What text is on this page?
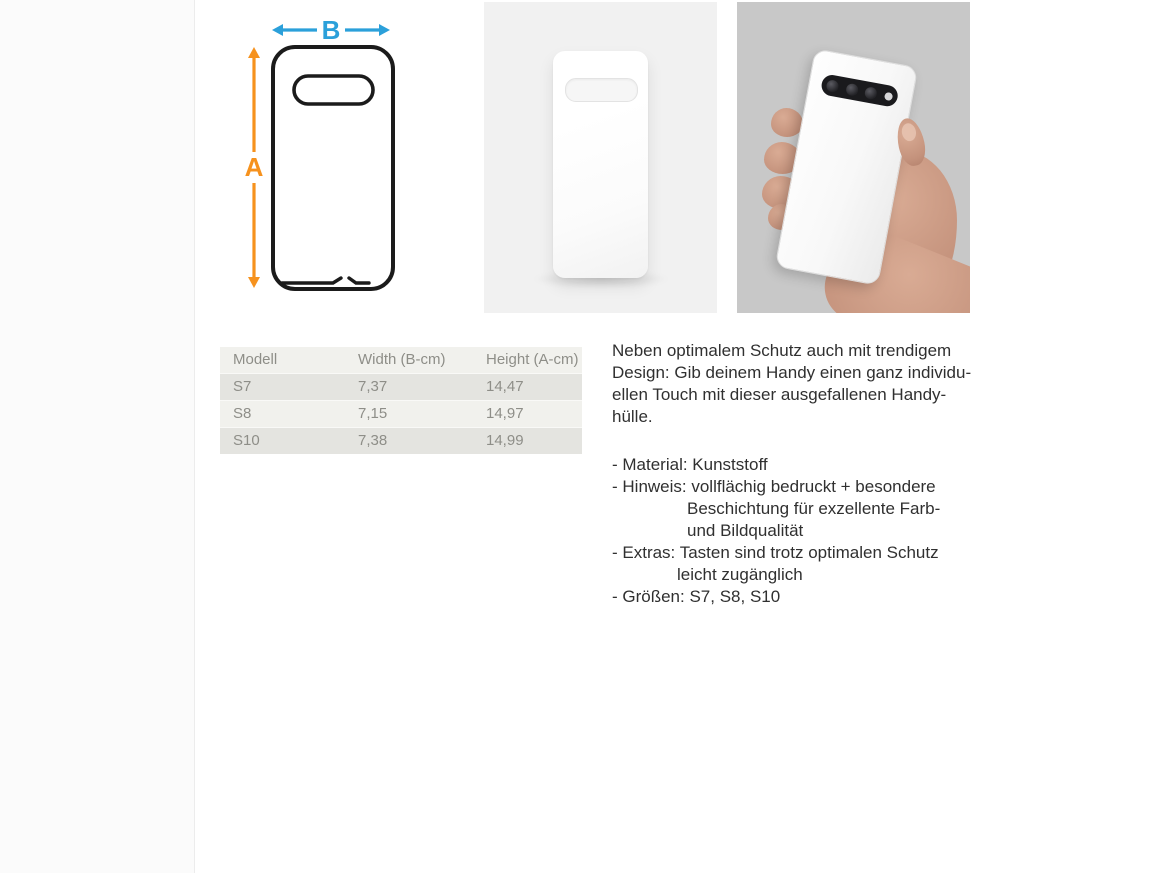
B
A
Modell	Width (B-cm)	Height (A-cm)
S7	7,37	14,47
S8	7,15	14,97
S10	7,38	14,99
Neben optimalem Schutz auch mit trendigem
Design: Gib deinem Handy einen ganz individu-
ellen Touch mit dieser ausgefallenen Handy-
hülle.
- Material: Kunststoff
- Hinweis: vollflächig bedruckt + besondere
Beschichtung für exzellente Farb-
und Bildqualität
- Extras: Tasten sind trotz optimalen Schutz
leicht zugänglich
- Größen: S7, S8, S10
